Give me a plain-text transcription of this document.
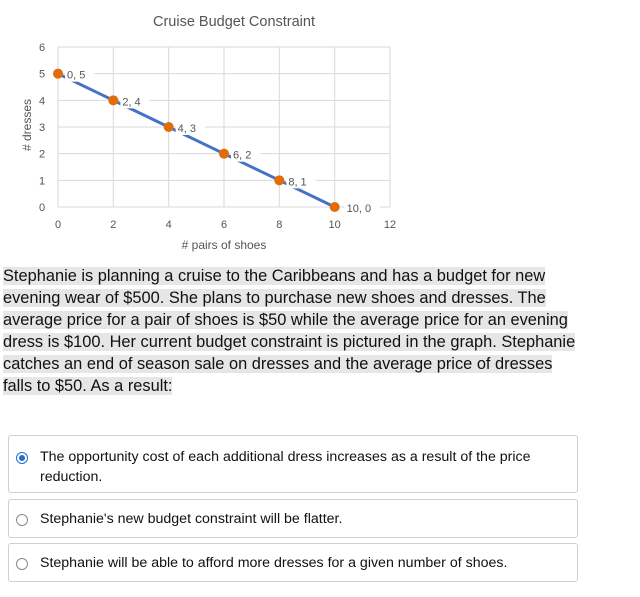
Cruise Budget Constraint
0	2	4	6	8	10	12
0
1
2
3
4
5
6
# pairs of shoes
# dresses
0, 5
2, 4
4, 3
6, 2
8, 1
10, 0
Stephanie is planning a cruise to the Caribbeans and has a budget for new evening wear of $500. She plans to purchase new shoes and dresses. The average price for a pair of shoes is $50 while the average price for an evening dress is $100. Her current budget constraint is pictured in the graph. Stephanie catches an end of season sale on dresses and the average price of dresses falls to $50. As a result:
The opportunity cost of each additional dress increases as a result of the price reduction.
Stephanie's new budget constraint will be flatter.
Stephanie will be able to afford more dresses for a given number of shoes.
